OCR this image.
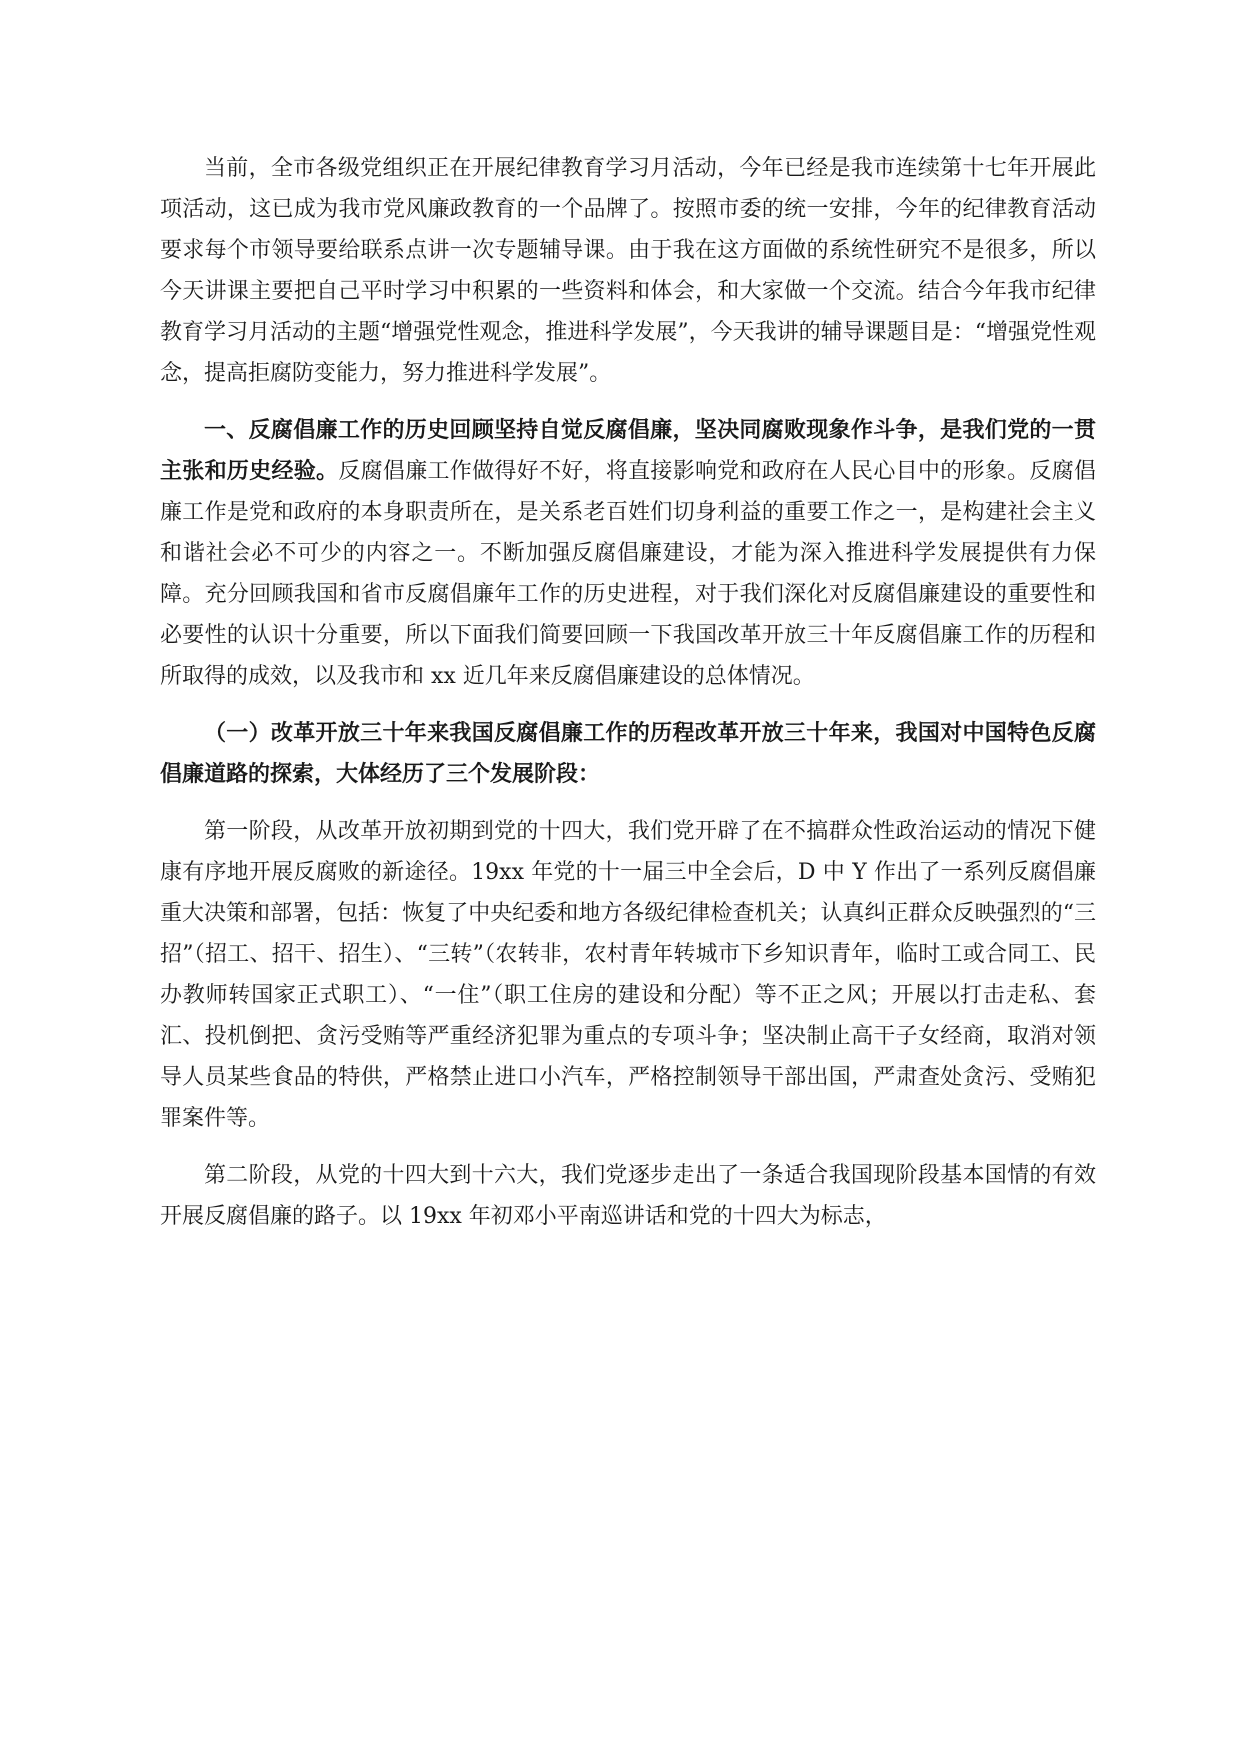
当前，全市各级党组织正在开展纪律教育学习月活动，今年已经是我市连续第十七年开展此项活动，这已成为我市党风廉政教育的一个品牌了。按照市委的统一安排，今年的纪律教育活动要求每个市领导要给联系点讲一次专题辅导课。由于我在这方面做的系统性研究不是很多，所以今天讲课主要把自己平时学习中积累的一些资料和体会，和大家做一个交流。结合今年我市纪律教育学习月活动的主题“增强党性观念，推进科学发展”，今天我讲的辅导课题目是：“增强党性观念，提高拒腐防变能力，努力推进科学发展”。

一、反腐倡廉工作的历史回顾坚持自觉反腐倡廉，坚决同腐败现象作斗争，是我们党的一贯主张和历史经验。反腐倡廉工作做得好不好，将直接影响党和政府在人民心目中的形象。反腐倡廉工作是党和政府的本身职责所在，是关系老百姓们切身利益的重要工作之一，是构建社会主义和谐社会必不可少的内容之一。不断加强反腐倡廉建设，才能为深入推进科学发展提供有力保障。充分回顾我国和省市反腐倡廉年工作的历史进程，对于我们深化对反腐倡廉建设的重要性和必要性的认识十分重要，所以下面我们简要回顾一下我国改革开放三十年反腐倡廉工作的历程和所取得的成效，以及我市和 xx 近几年来反腐倡廉建设的总体情况。

（一）改革开放三十年来我国反腐倡廉工作的历程改革开放三十年来，我国对中国特色反腐倡廉道路的探索，大体经历了三个发展阶段：

第一阶段，从改革开放初期到党的十四大，我们党开辟了在不搞群众性政治运动的情况下健康有序地开展反腐败的新途径。19xx 年党的十一届三中全会后，D 中 Y 作出了一系列反腐倡廉重大决策和部署，包括：恢复了中央纪委和地方各级纪律检查机关；认真纠正群众反映强烈的“三招”（招工、招干、招生）、“三转”（农转非，农村青年转城市下乡知识青年，临时工或合同工、民办教师转国家正式职工）、“一住”（职工住房的建设和分配）等不正之风；开展以打击走私、套汇、投机倒把、贪污受贿等严重经济犯罪为重点的专项斗争；坚决制止高干子女经商，取消对领导人员某些食品的特供，严格禁止进口小汽车，严格控制领导干部出国，严肃查处贪污、受贿犯罪案件等。

第二阶段，从党的十四大到十六大，我们党逐步走出了一条适合我国现阶段基本国情的有效开展反腐倡廉的路子。以 19xx 年初邓小平南巡讲话和党的十四大为标志，
